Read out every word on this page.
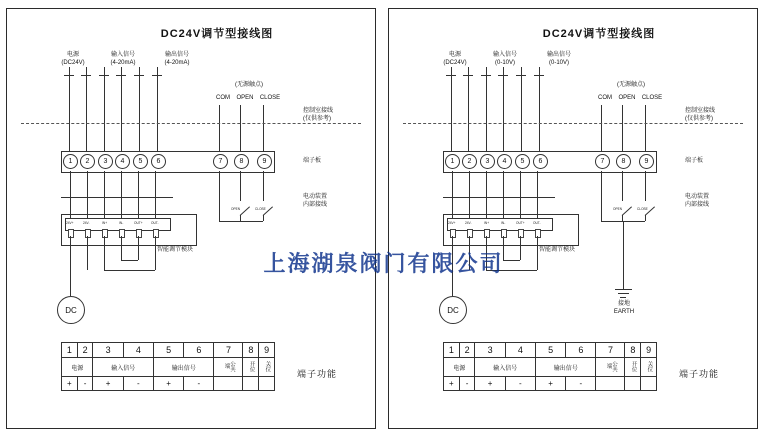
DC24V调节型接线图
电源
(DC24V)
输入信号
(4-20mA)
输出信号
(4-20mA)
(无源触点)
COM	OPEN	CLOSE
控制室接线
(仅供参考)
1 2 3 4 5 6	7 8	9	端子板
电动装置
内部接线
24V+	24V-	IN+	IN-	OUT+	OUT-
智能调节模块
DC
OPEN	CLOSE
1	2	3	4	5	6	7	8	9
电源		输入信号		输出信号		公共端	开位	关位
+	-	+	-	+	-			
端子功能
DC24V调节型接线图
电源
(DC24V)
输入信号
(0-10V)
输出信号
(0-10V)
(无源触点)
COM	OPEN	CLOSE
控制室接线
(仅供参考)
1 2 3 4 5 6	7 8	9	端子板
电动装置
内部接线
24V+	24V-	IN+	IN-	OUT+	OUT-
智能调节模块
DC
OPEN	CLOSE
接地
EARTH
1	2	3	4	5	6	7	8	9
电源		输入信号		输出信号		公共端	开位	关位
+	-	+	-	+	-			
端子功能
上海湖泉阀门有限公司
